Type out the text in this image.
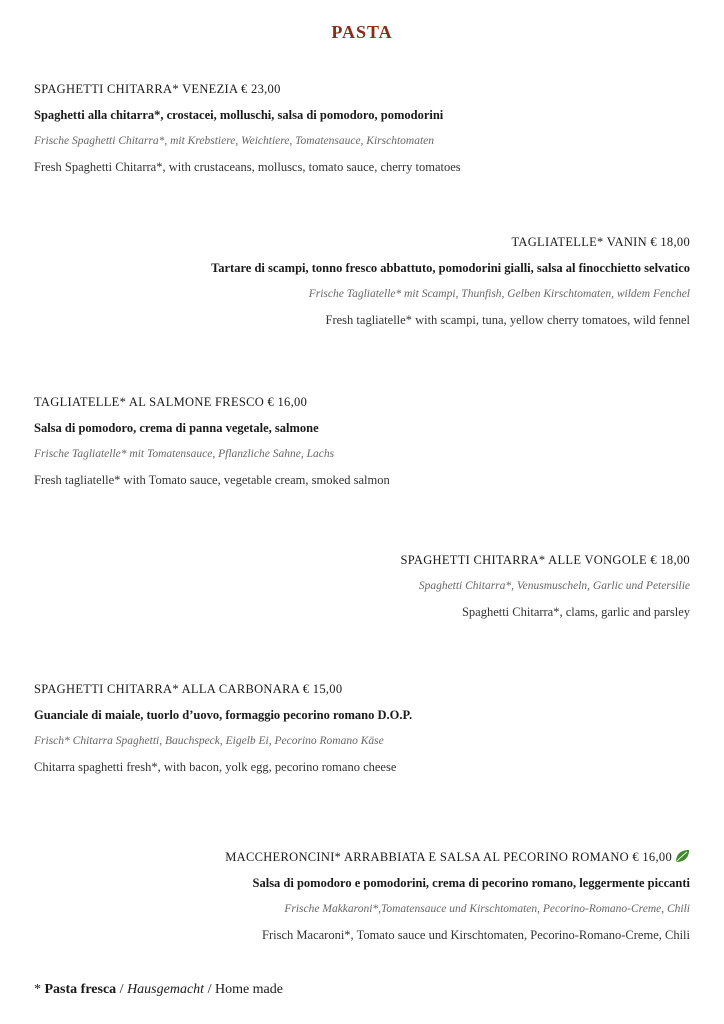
PASTA
SPAGHETTI CHITARRA* VENEZIA € 23,00
Spaghetti alla chitarra*, crostacei, molluschi, salsa di pomodoro, pomodorini
Frische Spaghetti Chitarra*, mit Krebstiere, Weichtiere, Tomatensauce, Kirschtomaten
Fresh Spaghetti Chitarra*, with crustaceans, molluscs, tomato sauce, cherry tomatoes
TAGLIATELLE* VANIN € 18,00
Tartare di scampi, tonno fresco abbattuto, pomodorini gialli, salsa al finocchietto selvatico
Frische Tagliatelle* mit Scampi, Thunfish, Gelben Kirschtomaten, wildem Fenchel
Fresh tagliatelle* with scampi, tuna, yellow cherry tomatoes, wild fennel
TAGLIATELLE* AL SALMONE FRESCO € 16,00
Salsa di pomodoro, crema di panna vegetale, salmone
Frische Tagliatelle* mit Tomatensauce, Pflanzliche Sahne, Lachs
Fresh tagliatelle* with Tomato sauce, vegetable cream, smoked salmon
SPAGHETTI CHITARRA* ALLE VONGOLE € 18,00
Spaghetti Chitarra*, Venusmuscheln, Garlic und Petersilie
Spaghetti Chitarra*, clams, garlic and parsley
SPAGHETTI CHITARRA* ALLA CARBONARA € 15,00
Guanciale di maiale, tuorlo d’uovo, formaggio pecorino romano D.O.P.
Frisch* Chitarra Spaghetti, Bauchspeck, Eigelb Ei, Pecorino Romano Käse
Chitarra spaghetti fresh*, with bacon, yolk egg, pecorino romano cheese
MACCHERONCINI* ARRABBIATA E SALSA AL PECORINO ROMANO € 16,00
Salsa di pomodoro e pomodorini, crema di pecorino romano, leggermente piccanti
Frische Makkaroni*,Tomatensauce und Kirschtomaten, Pecorino-Romano-Creme, Chili
Frisch Macaroni*, Tomato sauce und Kirschtomaten, Pecorino-Romano-Creme, Chili
* Pasta fresca / Hausgemacht / Home made
